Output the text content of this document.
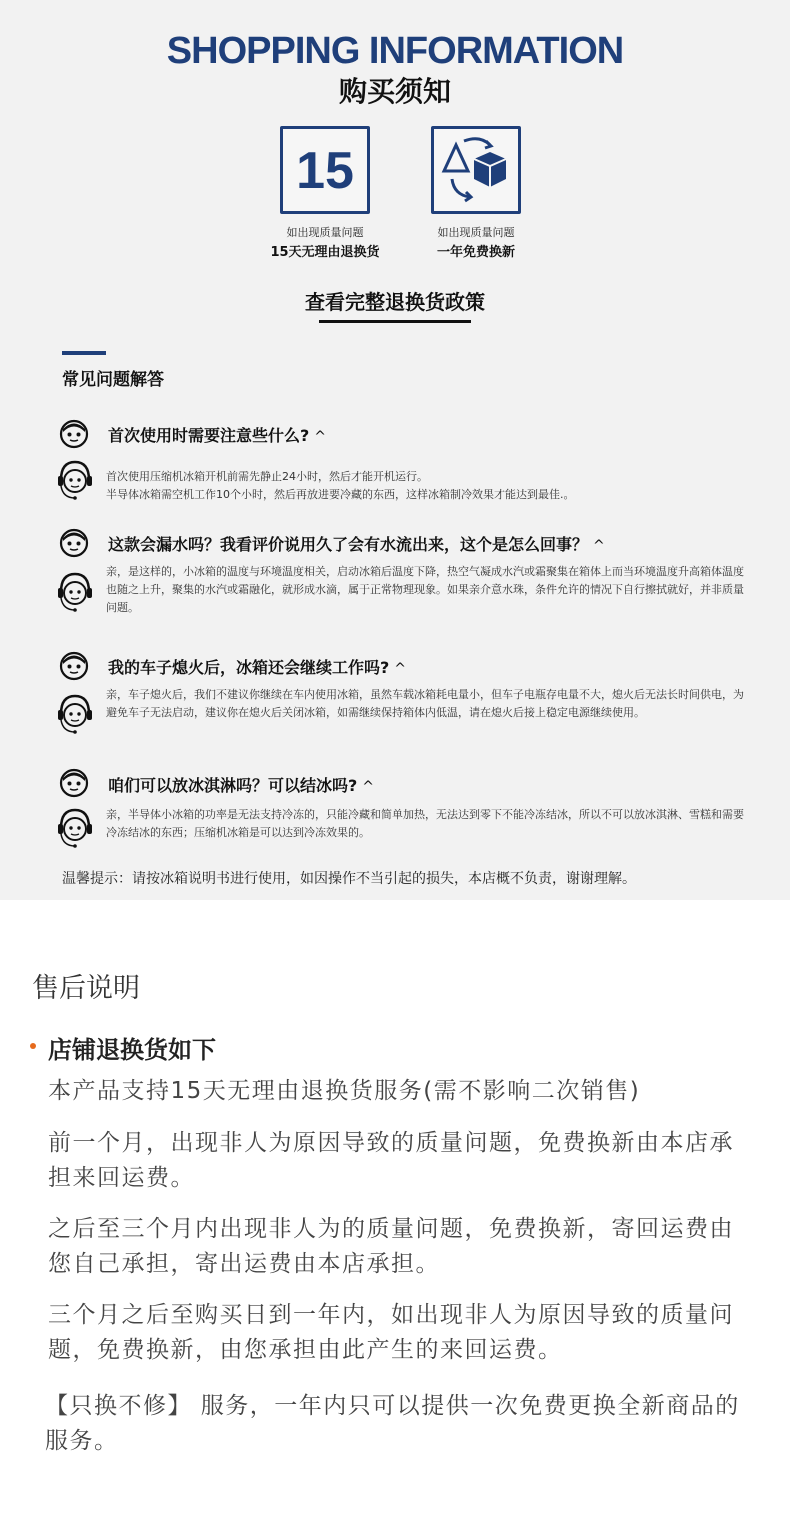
SHOPPING INFORMATION
购买须知
15
如出现质量问题
15天无理由退换货
如出现质量问题
一年免费换新
查看完整退换货政策
常见问题解答
首次使用时需要注意些什么? ^
首次使用压缩机冰箱开机前需先静止24小时，然后才能开机运行。
半导体冰箱需空机工作10个小时，然后再放进要冷藏的东西，这样冰箱制冷效果才能达到最佳.。
这款会漏水吗？我看评价说用久了会有水流出来，这个是怎么回事？ ^
亲，是这样的，小冰箱的温度与环境温度相关，启动冰箱后温度下降，热空气凝成水汽或霜聚集在箱体上而当环境温度升高箱体温度也随之上升，聚集的水汽或霜融化，就形成水滴，属于正常物理现象。如果亲介意水珠，条件允许的情况下自行擦拭就好，并非质量问题。
我的车子熄火后，冰箱还会继续工作吗? ^
亲，车子熄火后，我们不建议你继续在车内使用冰箱，虽然车载冰箱耗电量小，但车子电瓶存电量不大，熄火后无法长时间供电，为避免车子无法启动，建议你在熄火后关闭冰箱，如需继续保持箱体内低温，请在熄火后接上稳定电源继续使用。
咱们可以放冰淇淋吗？可以结冰吗? ^
亲，半导体小冰箱的功率是无法支持冷冻的，只能冷藏和简单加热，无法达到零下不能冷冻结冰，所以不可以放冰淇淋、雪糕和需要冷冻结冰的东西；压缩机冰箱是可以达到冷冻效果的。
温馨提示：请按冰箱说明书进行使用，如因操作不当引起的损失，本店概不负责，谢谢理解。
售后说明
店铺退换货如下
本产品支持15天无理由退换货服务(需不影响二次销售)
前一个月，出现非人为原因导致的质量问题，免费换新由本店承担来回运费。
之后至三个月内出现非人为的质量问题，免费换新，寄回运费由您自己承担，寄出运费由本店承担。
三个月之后至购买日到一年内，如出现非人为原因导致的质量问题，免费换新，由您承担由此产生的来回运费。
【只换不修】 服务，一年内只可以提供一次免费更换全新商品的服务。
